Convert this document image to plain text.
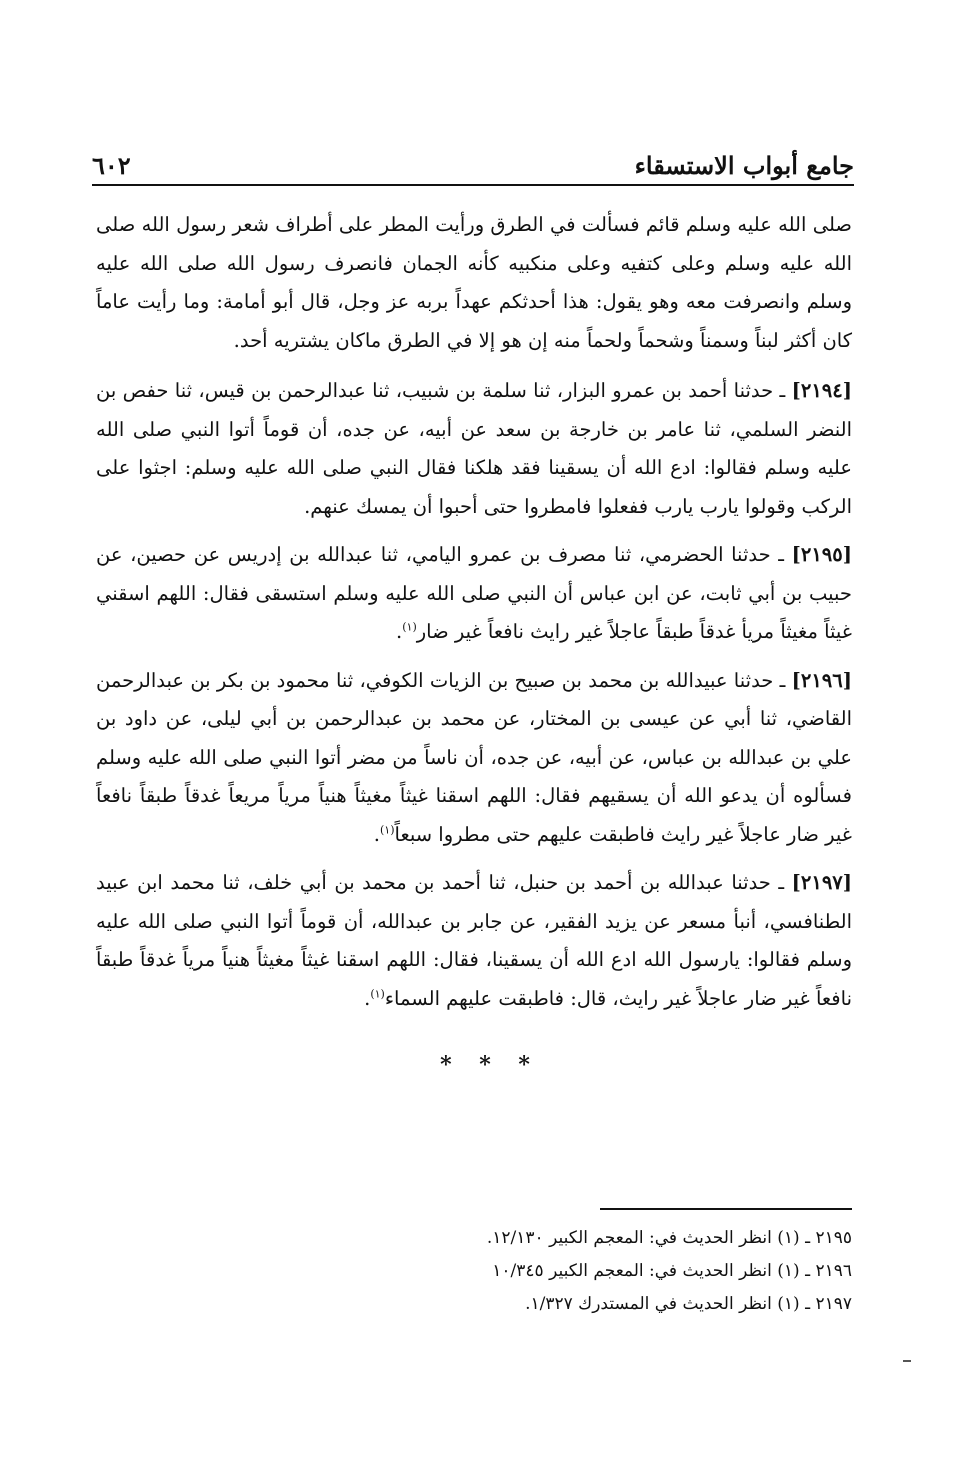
جامع أبواب الاستسقاء
٦٠٢

صلى الله عليه وسلم قائم فسألت في الطرق ورأيت المطر على أطراف شعر رسول الله صلى الله عليه وسلم وعلى كتفيه وعلى منكبيه كأنه الجمان فانصرف رسول الله صلى الله عليه وسلم وانصرفت معه وهو يقول: هذا أحدثكم عهداً بربه عز وجل، قال أبو أمامة: وما رأيت عاماً كان أكثر لبناً وسمناً وشحماً ولحماً منه إن هو إلا في الطرق ماكان يشتريه أحد.

[٢١٩٤] ـ حدثنا أحمد بن عمرو البزار، ثنا سلمة بن شبيب، ثنا عبدالرحمن بن قيس، ثنا حفص بن النضر السلمي، ثنا عامر بن خارجة بن سعد عن أبيه، عن جده، أن قوماً أتوا النبي صلى الله عليه وسلم فقالوا: ادع الله أن يسقينا فقد هلكنا فقال النبي صلى الله عليه وسلم: اجثوا على الركب وقولوا يارب يارب ففعلوا فامطروا حتى أحبوا أن يمسك عنهم.

[٢١٩٥] ـ حدثنا الحضرمي، ثنا مصرف بن عمرو اليامي، ثنا عبدالله بن إدريس عن حصين، عن حبيب بن أبي ثابت، عن ابن عباس أن النبي صلى الله عليه وسلم استسقى فقال: اللهم اسقني غيثاً مغيثاً مريأ غدقاً طبقاً عاجلاً غير رايث نافعاً غير ضار$^{(١)}$.

[٢١٩٦] ـ حدثنا عبيدالله بن محمد بن صبيح بن الزيات الكوفي، ثنا محمود بن بكر بن عبدالرحمن القاضي، ثنا أبي عن عيسى بن المختار، عن محمد بن عبدالرحمن بن أبي ليلى، عن داود بن علي بن عبدالله بن عباس، عن أبيه، عن جده، أن ناساً من مضر أتوا النبي صلى الله عليه وسلم فسألوه أن يدعو الله أن يسقيهم فقال: اللهم اسقنا غيثاً مغيثاً هنياً مرياً مريعاً غدقاً طبقاً نافعاً غير ضار عاجلاً غير رايث فاطبقت عليهم حتى مطروا سبعاً$^{(١)}$.

[٢١٩٧] ـ حدثنا عبدالله بن أحمد بن حنبل، ثنا أحمد بن محمد بن أبي خلف، ثنا محمد ابن عبيد الطنافسي، أنبأ مسعر عن يزيد الفقير، عن جابر بن عبدالله، أن قوماً أتوا النبي صلى الله عليه وسلم فقالوا: يارسول الله ادع الله أن يسقينا، فقال: اللهم اسقنا غيثاً مغيثاً هنياً مرياً غدقاً طبقاً نافعاً غير ضار عاجلاً غير رايث، قال: فاطبقت عليهم السماء$^{(١)}$.

* * *
٢١٩٥ ـ (١) انظر الحديث في: المعجم الكبير ١٢/١٣٠.
٢١٩٦ ـ (١) انظر الحديث في: المعجم الكبير ١٠/٣٤٥
٢١٩٧ ـ (١) انظر الحديث في المستدرك ١/٣٢٧.
